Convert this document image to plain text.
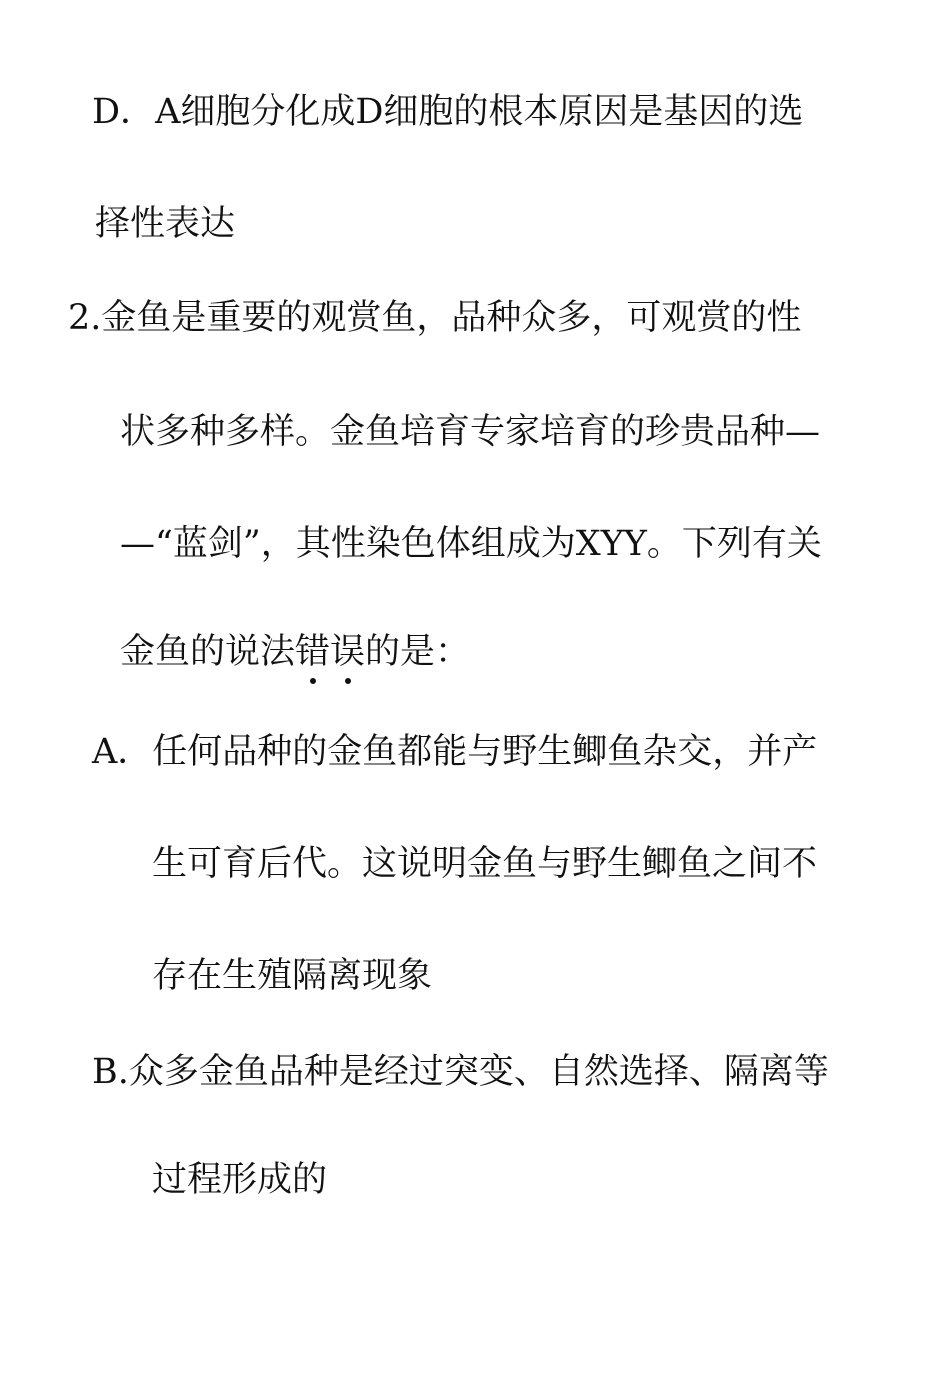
D．A细胞分化成D细胞的根本原因是基因的选
择性表达
2.金鱼是重要的观赏鱼，品种众多，可观赏的性
状多种多样。金鱼培育专家培育的珍贵品种—
—“蓝剑”，其性染色体组成为XYY。下列有关
金鱼的说法错误的是：
A．任何品种的金鱼都能与野生鲫鱼杂交，并产
生可育后代。这说明金鱼与野生鲫鱼之间不
存在生殖隔离现象
B.众多金鱼品种是经过突变、自然选择、隔离等
过程形成的
